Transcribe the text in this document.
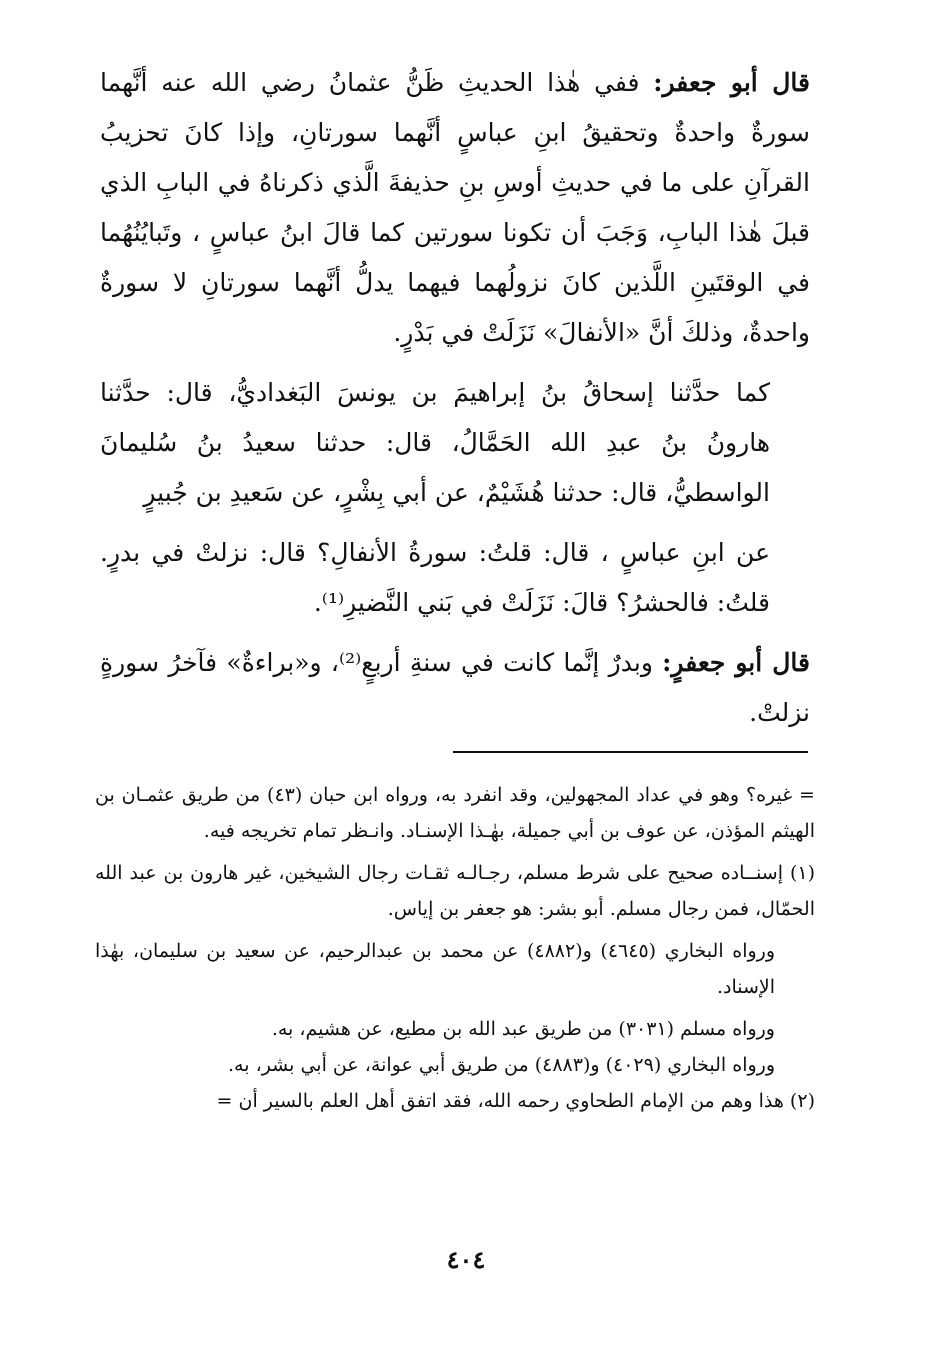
قال أبو جعفر: ففي هٰذا الحديثِ ظَنُّ عثمانُ رضي الله عنه أنَّهما سورةٌ واحدةٌ وتحقيقُ ابنِ عباسٍ أنَّهما سورتانِ، وإذا كانَ تحزيبُ القرآنِ على ما في حديثِ أوسِ بنِ حذيفةَ الَّذي ذكرناهُ في البابِ الذي قبلَ هٰذا البابِ، وَجَبَ أن تكونا سورتين كما قالَ ابنُ عباسٍ ، وتَبايُنُهُما في الوقتَينِ اللَّذين كانَ نزولُهما فيهما يدلُّ أنَّهما سورتانِ لا سورةٌ واحدةٌ، وذلكَ أنَّ «الأنفالَ» نَزَلَتْ في بَدْرٍ.

كما حدَّثنا إسحاقُ بنُ إبراهيمَ بن يونسَ البَغداديُّ، قال: حدَّثنا هارونُ بنُ عبدِ الله الحَمَّالُ، قال: حدثنا سعيدُ بنُ سُليمانَ الواسطيُّ، قال: حدثنا هُشَيْمٌ، عن أبي بِشْرٍ، عن سَعيدِ بن جُبيرٍ

عن ابنِ عباسٍ ، قال: قلتُ: سورةُ الأنفالِ؟ قال: نزلتْ في بدرٍ. قلتُ: فالحشرُ؟ قالَ: نَزَلَتْ في بَني النَّضيرِ⁽¹⁾.

قال أبو جعفرٍ: وبدرٌ إنَّما كانت في سنةِ أربعٍ⁽²⁾، و«براءةٌ» فآخرُ سورةٍ نزلتْ.

= غيره؟ وهو في عداد المجهولين، وقد انفرد به، ورواه ابن حبان (٤٣) من طريق عثمـان بن الهيثم المؤذن، عن عوف بن أبي جميلة، بهٰـذا الإسنـاد. وانـظر تمام تخريجه فيه.

(١) إسنــاده صحيح على شرط مسلم، رجـالـه ثقـات رجال الشيخين، غير هارون بن عبد الله الحمّال، فمن رجال مسلم. أبو بشر: هو جعفر بن إياس.

ورواه البخاري (٤٦٤٥) و(٤٨٨٢) عن محمد بن عبدالرحيم، عن سعيد بن سليمان، بهٰذا الإسناد.

ورواه مسلم (٣٠٣١) من طريق عبد الله بن مطيع، عن هشيم، به.

ورواه البخاري (٤٠٢٩) و(٤٨٨٣) من طريق أبي عوانة، عن أبي بشر، به.

(٢) هذا وهم من الإمام الطحاوي رحمه الله، فقد اتفق أهل العلم بالسير أن =

٤٠٤
